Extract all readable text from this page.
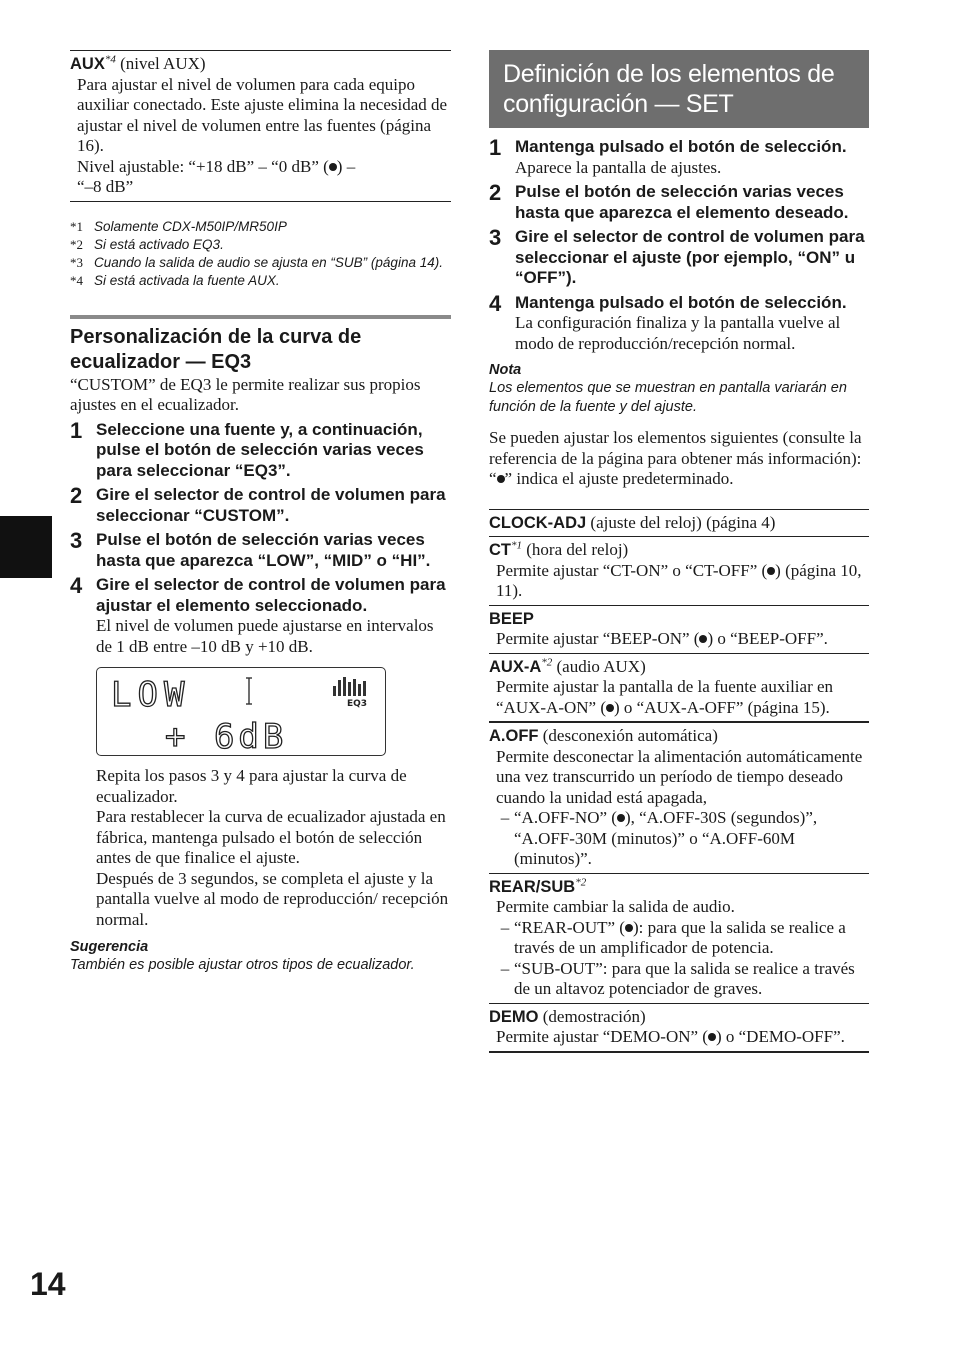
AUX$^{*4}$ (nivel AUX)
Para ajustar el nivel de volumen para cada equipo auxiliar conectado. Este ajuste elimina la necesidad de ajustar el nivel de volumen entre las fuentes (página 16).
Nivel ajustable: “+18 dB” – “0 dB” ( ) –
“–8 dB”
*1 Solamente CDX-M50IP/MR50IP
*2 Si está activado EQ3.
*3 Cuando la salida de audio se ajusta en “SUB” (página 14).
*4 Si está activada la fuente AUX.
Personalización de la curva de ecualizador — EQ3
“CUSTOM” de EQ3 le permite realizar sus propios ajustes en el ecualizador.
1 Seleccione una fuente y, a continuación, pulse el botón de selección varias veces para seleccionar “EQ3”.
2 Gire el selector de control de volumen para seleccionar “CUSTOM”.
3 Pulse el botón de selección varias veces hasta que aparezca “LOW”, “MID” o “HI”.
4 Gire el selector de control de volumen para ajustar el elemento seleccionado.
El nivel de volumen puede ajustarse en intervalos de 1 dB entre –10 dB y +10 dB.
LOW
+ 6dB
EQ3
Repita los pasos 3 y 4 para ajustar la curva de ecualizador.
Para restablecer la curva de ecualizador ajustada en fábrica, mantenga pulsado el botón de selección antes de que finalice el ajuste.
Después de 3 segundos, se completa el ajuste y la pantalla vuelve al modo de reproducción/ recepción normal.
Sugerencia
También es posible ajustar otros tipos de ecualizador.
Definición de los elementos de configuración — SET
1 Mantenga pulsado el botón de selección.
Aparece la pantalla de ajustes.
2 Pulse el botón de selección varias veces hasta que aparezca el elemento deseado.
3 Gire el selector de control de volumen para seleccionar el ajuste (por ejemplo, “ON” u “OFF”).
4 Mantenga pulsado el botón de selección.
La configuración finaliza y la pantalla vuelve al modo de reproducción/recepción normal.
Nota
Los elementos que se muestran en pantalla variarán en función de la fuente y del ajuste.
Se pueden ajustar los elementos siguientes (consulte la referencia de la página para obtener más información):
“ ” indica el ajuste predeterminado.
CLOCK-ADJ (ajuste del reloj) (página 4)
CT$^{*1}$ (hora del reloj)
Permite ajustar “CT-ON” o “CT-OFF” ( ) (página 10, 11).
BEEP
Permite ajustar “BEEP-ON” ( ) o “BEEP-OFF”.
AUX-$A^{*2}$ (audio AUX)
Permite ajustar la pantalla de la fuente auxiliar en “AUX-A-ON” ( ) o “AUX-A-OFF” (página 15).
A.OFF (desconexión automática)
Permite desconectar la alimentación automáticamente una vez transcurrido un período de tiempo deseado cuando la unidad está apagada,
– “A.OFF-NO” ( ), “A.OFF-30S (segundos)”, “A.OFF-30M (minutos)” o “A.OFF-60M (minutos)”.
REAR/SUB$^{*2}$
Permite cambiar la salida de audio.
– “REAR-OUT” ( ): para que la salida se realice a través de un amplificador de potencia.
– “SUB-OUT”: para que la salida se realice a través de un altavoz potenciador de graves.
DEMO (demostración)
Permite ajustar “DEMO-ON” ( ) o “DEMO-OFF”.
14
